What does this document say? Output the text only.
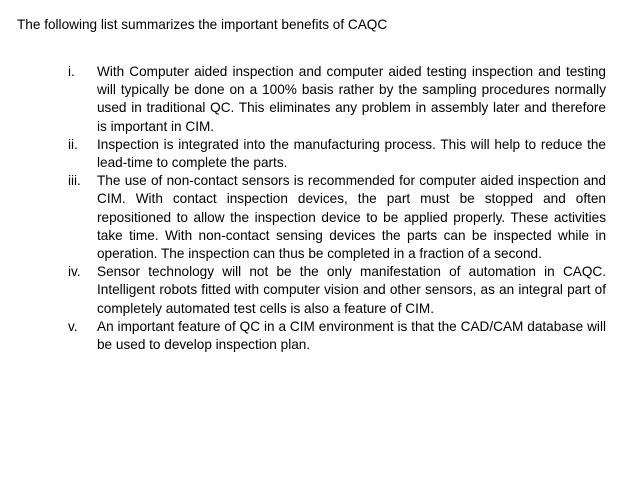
The following list summarizes the important benefits of CAQC
i.	With Computer aided inspection and computer aided testing inspection and testing will typically be done on a 100% basis rather by the sampling procedures normally used in traditional QC. This eliminates any problem in assembly later and therefore is important in CIM.
ii.	Inspection is integrated into the manufacturing process. This will help to reduce the lead-time to complete the parts.
iii.	The use of non-contact sensors is recommended for computer aided inspection and CIM. With contact inspection devices, the part must be stopped and often repositioned to allow the inspection device to be applied properly. These activities take time. With non-contact sensing devices the parts can be inspected while in operation. The inspection can thus be completed in a fraction of a second.
iv.	Sensor technology will not be the only manifestation of automation in CAQC. Intelligent robots fitted with computer vision and other sensors, as an integral part of completely automated test cells is also a feature of CIM.
v.	An important feature of QC in a CIM environment is that the CAD/CAM database will be used to develop inspection plan.
